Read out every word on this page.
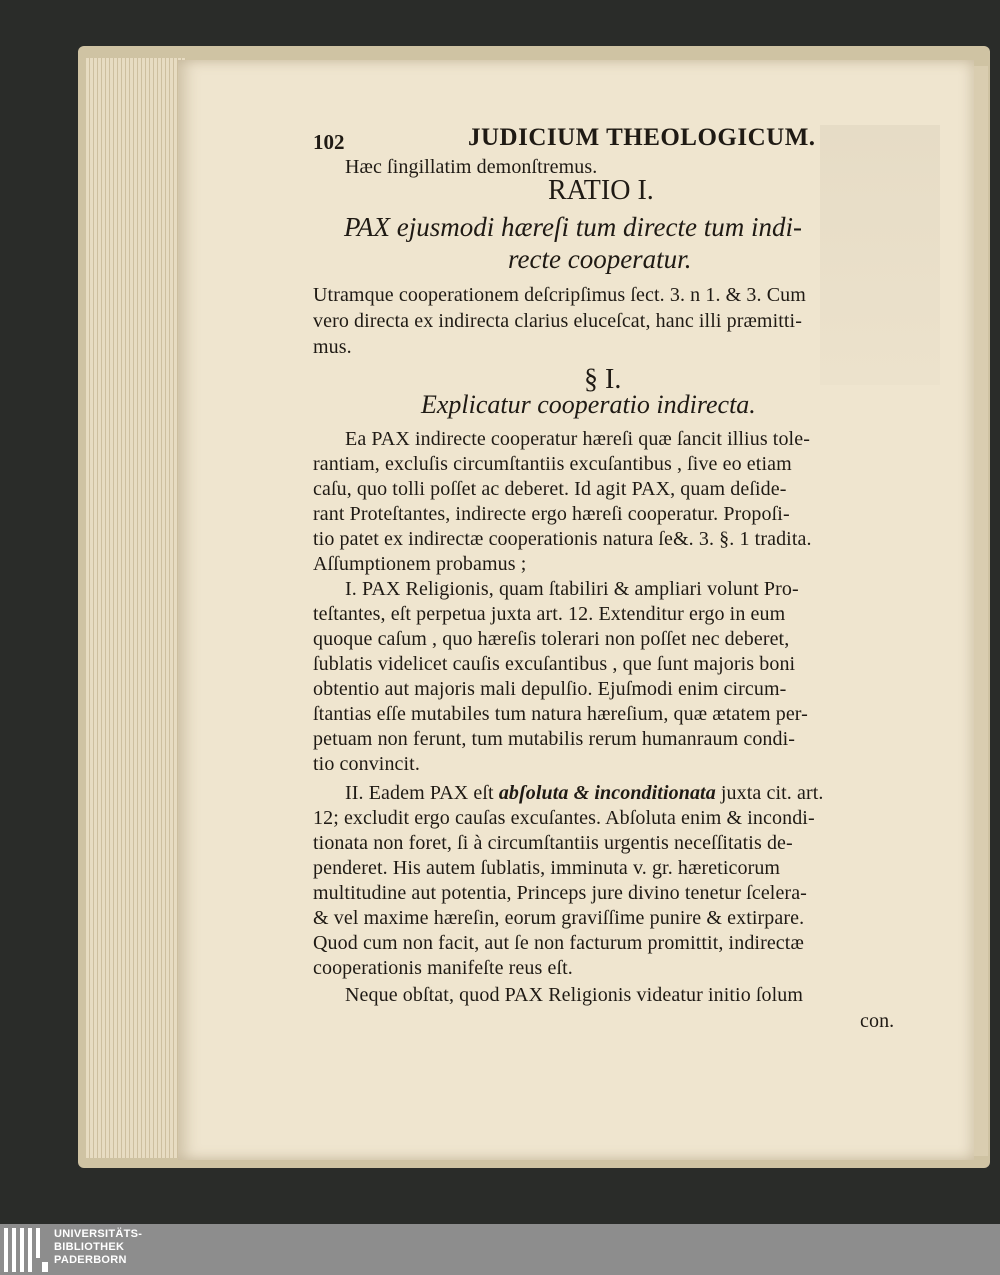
102	JUDICIUM THEOLOGICUM.
Hæc ſingillatim demonſtremus.
RATIO I.
PAX ejusmodi hæreſi tum directe tum indi-
recte cooperatur.
Utramque cooperationem deſcripſimus ſect. 3. n 1. & 3. Cum
vero directa ex indirecta clarius eluceſcat, hanc illi præmitti-
mus.
§ I.
Explicatur cooperatio indirecta.
Ea PAX indirecte cooperatur hæreſi quæ ſancit illius tole-
rantiam, excluſis circumſtantiis excuſantibus , ſive eo etiam
caſu, quo tolli poſſet ac deberet. Id agit PAX, quam deſide-
rant Proteſtantes, indirecte ergo hæreſi cooperatur. Propoſi-
tio patet ex indirectæ cooperationis natura ſe&. 3. §. 1 tradita.
Aſſumptionem probamus ;
I. PAX Religionis, quam ſtabiliri & ampliari volunt Pro-
teſtantes, eſt perpetua juxta art. 12. Extenditur ergo in eum
quoque caſum , quo hæreſis tolerari non poſſet nec deberet,
ſublatis videlicet cauſis excuſantibus , que ſunt majoris boni
obtentio aut majoris mali depulſio. Ejuſmodi enim circum-
ſtantias eſſe mutabiles tum natura hæreſium, quæ ætatem per-
petuam non ferunt, tum mutabilis rerum humanraum condi-
tio convincit.
II. Eadem PAX eſt abſoluta & inconditionata juxta cit. art.
12; excludit ergo cauſas excuſantes. Abſoluta enim & incondi-
tionata non foret, ſi à circumſtantiis urgentis neceſſitatis de-
penderet. His autem ſublatis, imminuta v. gr. hæreticorum
multitudine aut potentia, Princeps jure divino tenetur ſcelera-
& vel maxime hæreſin, eorum graviſſime punire & extirpare.
Quod cum non facit, aut ſe non facturum promittit, indirectæ
cooperationis manifeſte reus eſt.
Neque obſtat, quod PAX Religionis videatur initio ſolum
con.
UNIVERSITÄTS-
BIBLIOTHEK
PADERBORN
